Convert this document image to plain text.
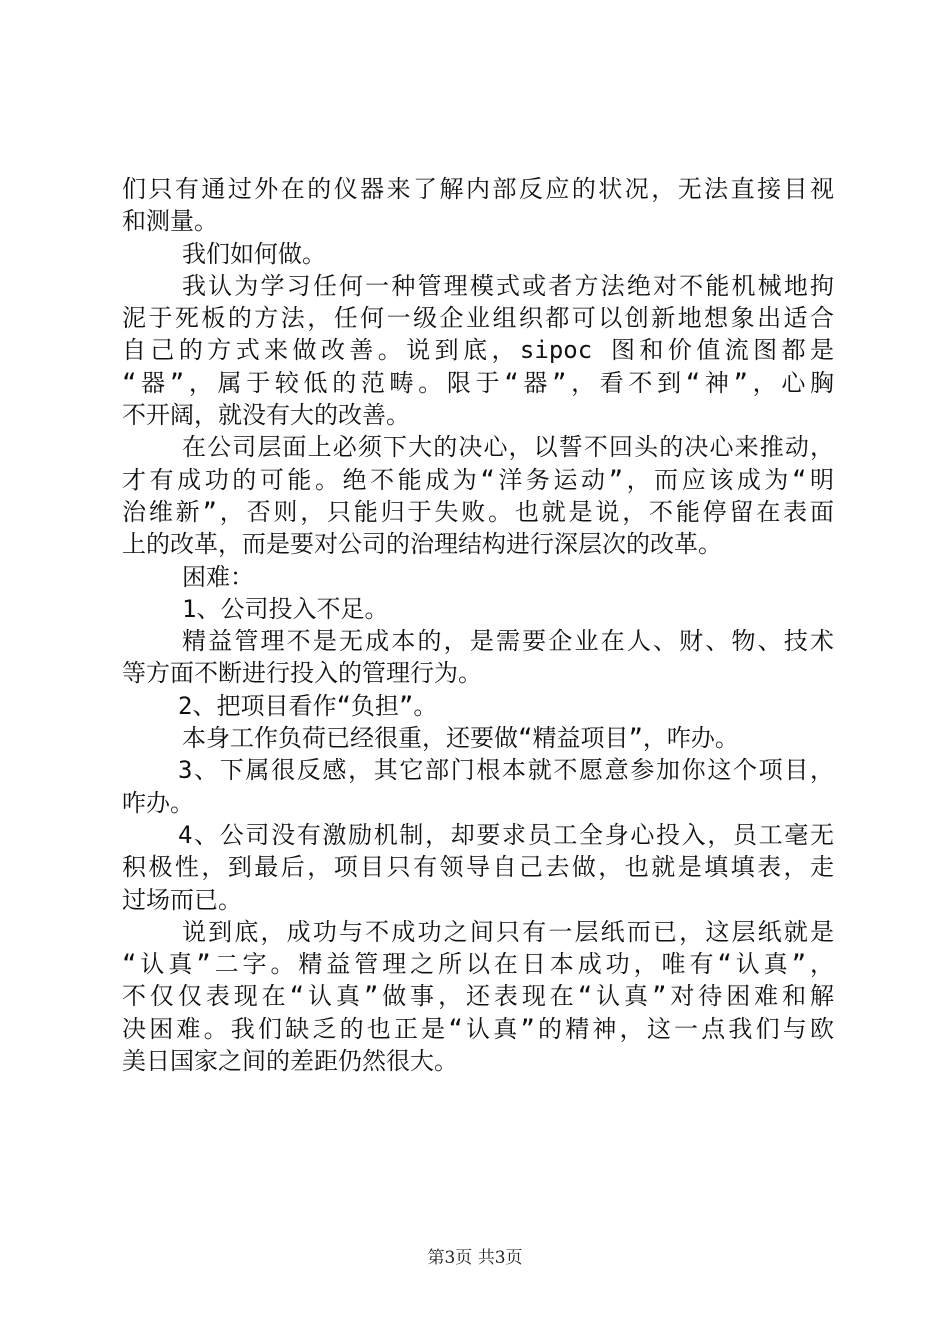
们只有通过外在的仪器来了解内部反应的状况，无法直接目视
和测量。
我们如何做。
我认为学习任何一种管理模式或者方法绝对不能机械地拘
泥于死板的方法，任何一级企业组织都可以创新地想象出适合
自己的方式来做改善。说到底，sipoc 图和价值流图都是
“器”，属于较低的范畴。限于“器”，看不到“神”，心胸
不开阔，就没有大的改善。
在公司层面上必须下大的决心，以誓不回头的决心来推动，
才有成功的可能。绝不能成为“洋务运动”，而应该成为“明
治维新”，否则，只能归于失败。也就是说，不能停留在表面
上的改革，而是要对公司的治理结构进行深层次的改革。
困难：
1、公司投入不足。
精益管理不是无成本的，是需要企业在人、财、物、技术
等方面不断进行投入的管理行为。
2、把项目看作“负担”。
本身工作负荷已经很重，还要做“精益项目”，咋办。
3、下属很反感，其它部门根本就不愿意参加你这个项目，
咋办。
4、公司没有激励机制，却要求员工全身心投入，员工毫无
积极性，到最后，项目只有领导自己去做，也就是填填表，走
过场而已。
说到底，成功与不成功之间只有一层纸而已，这层纸就是
“认真”二字。精益管理之所以在日本成功，唯有“认真”，
不仅仅表现在“认真”做事，还表现在“认真”对待困难和解
决困难。我们缺乏的也正是“认真”的精神，这一点我们与欧
美日国家之间的差距仍然很大。
第3页 共3页
